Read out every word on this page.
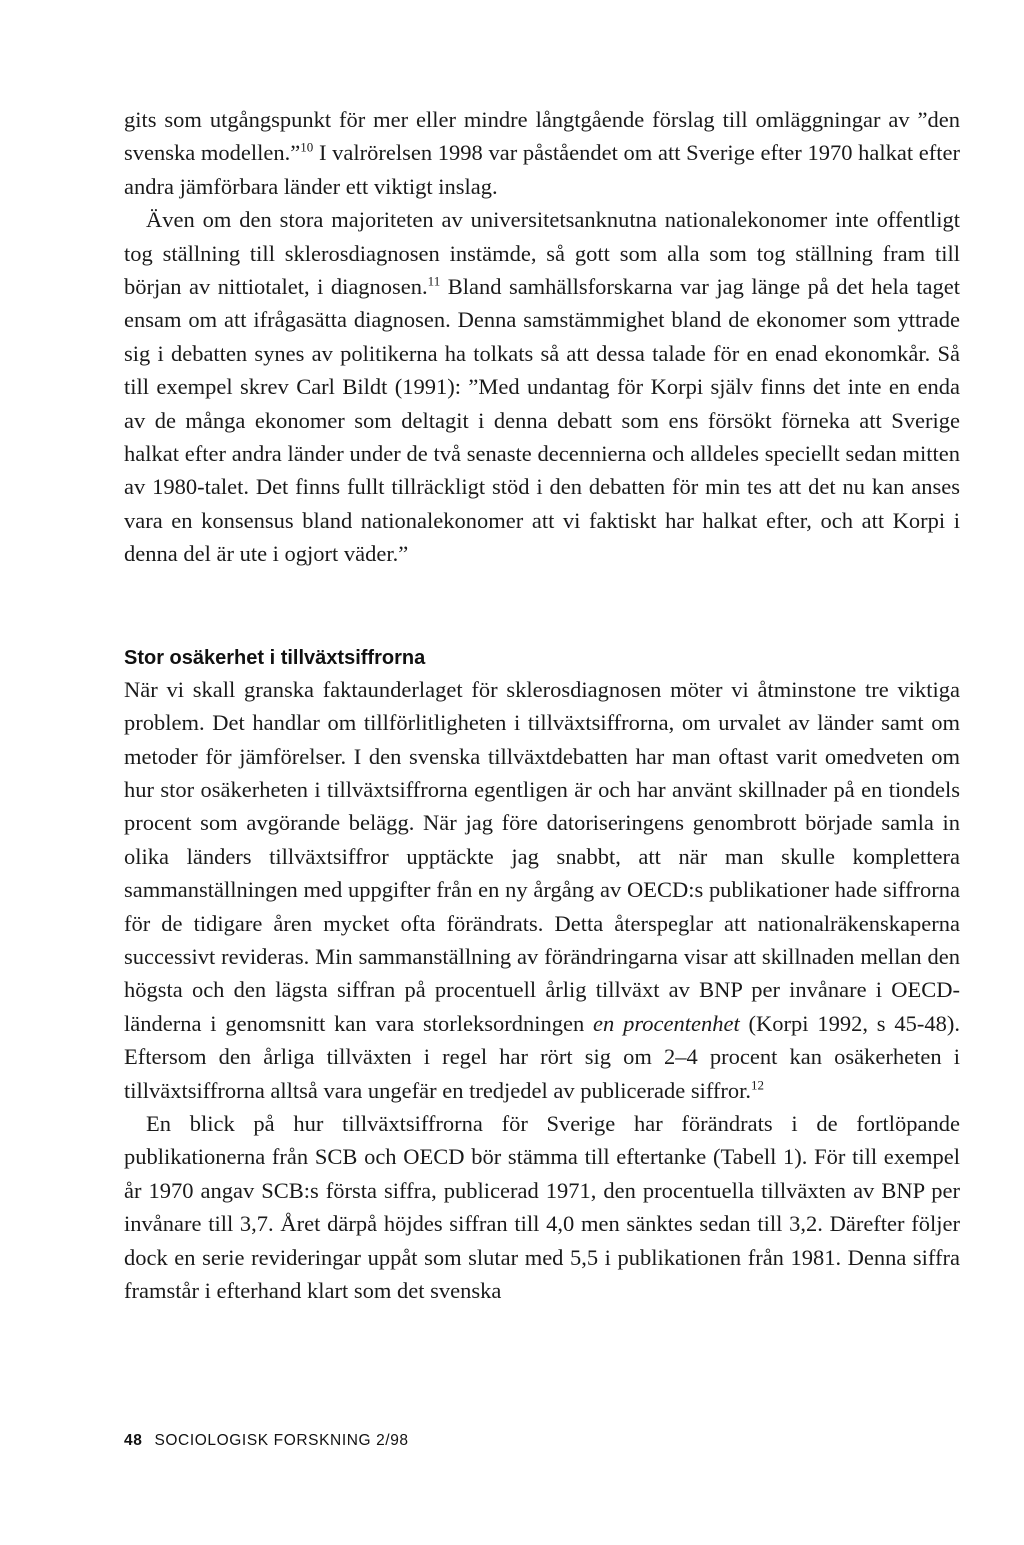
gits som utgångspunkt för mer eller mindre långtgående förslag till omläggningar av ”den svenska modellen.”$^{10}$ I valrörelsen 1998 var påståendet om att Sverige efter 1970 halkat efter andra jämförbara länder ett viktigt inslag.

Även om den stora majoriteten av universitetsanknutna nationalekonomer inte offentligt tog ställning till sklerosdiagnosen instämde, så gott som alla som tog ställning fram till början av nittiotalet, i diagnosen.$^{11}$ Bland samhällsforskarna var jag länge på det hela taget ensam om att ifrågasätta diagnosen. Denna samstämmighet bland de ekonomer som yttrade sig i debatten synes av politikerna ha tolkats så att dessa talade för en enad ekonomkår. Så till exempel skrev Carl Bildt (1991): ”Med undantag för Korpi själv finns det inte en enda av de många ekonomer som deltagit i denna debatt som ens försökt förneka att Sverige halkat efter andra länder under de två senaste decennierna och alldeles speciellt sedan mitten av 1980-talet. Det finns fullt tillräckligt stöd i den debatten för min tes att det nu kan anses vara en konsensus bland nationalekonomer att vi faktiskt har halkat efter, och att Korpi i denna del är ute i ogjort väder.”

Stor osäkerhet i tillväxtsiffrorna

När vi skall granska faktaunderlaget för sklerosdiagnosen möter vi åtminstone tre viktiga problem. Det handlar om tillförlitligheten i tillväxtsiffrorna, om urvalet av länder samt om metoder för jämförelser. I den svenska tillväxtdebatten har man oftast varit omedveten om hur stor osäkerheten i tillväxtsiffrorna egentligen är och har använt skillnader på en tiondels procent som avgörande belägg. När jag före datoriseringens genombrott började samla in olika länders tillväxtsiffror upptäckte jag snabbt, att när man skulle komplettera sammanställningen med uppgifter från en ny årgång av OECD:s publikationer hade siffrorna för de tidigare åren mycket ofta förändrats. Detta återspeglar att nationalräkenskaperna successivt revideras. Min sammanställning av förändringarna visar att skillnaden mellan den högsta och den lägsta siffran på procentuell årlig tillväxt av BNP per invånare i OECD-länderna i genomsnitt kan vara storleksordningen en procentenhet (Korpi 1992, s 45-48). Eftersom den årliga tillväxten i regel har rört sig om 2–4 procent kan osäkerheten i tillväxtsiffrorna alltså vara ungefär en tredjedel av publicerade siffror.$^{12}$

En blick på hur tillväxtsiffrorna för Sverige har förändrats i de fortlöpande publikationerna från SCB och OECD bör stämma till eftertanke (Tabell 1). För till exempel år 1970 angav SCB:s första siffra, publicerad 1971, den procentuella tillväxten av BNP per invånare till 3,7. Året därpå höjdes siffran till 4,0 men sänktes sedan till 3,2. Därefter följer dock en serie revideringar uppåt som slutar med 5,5 i publikationen från 1981. Denna siffra framstår i efterhand klart som det svenska

48 SOCIOLOGISK FORSKNING 2/98
